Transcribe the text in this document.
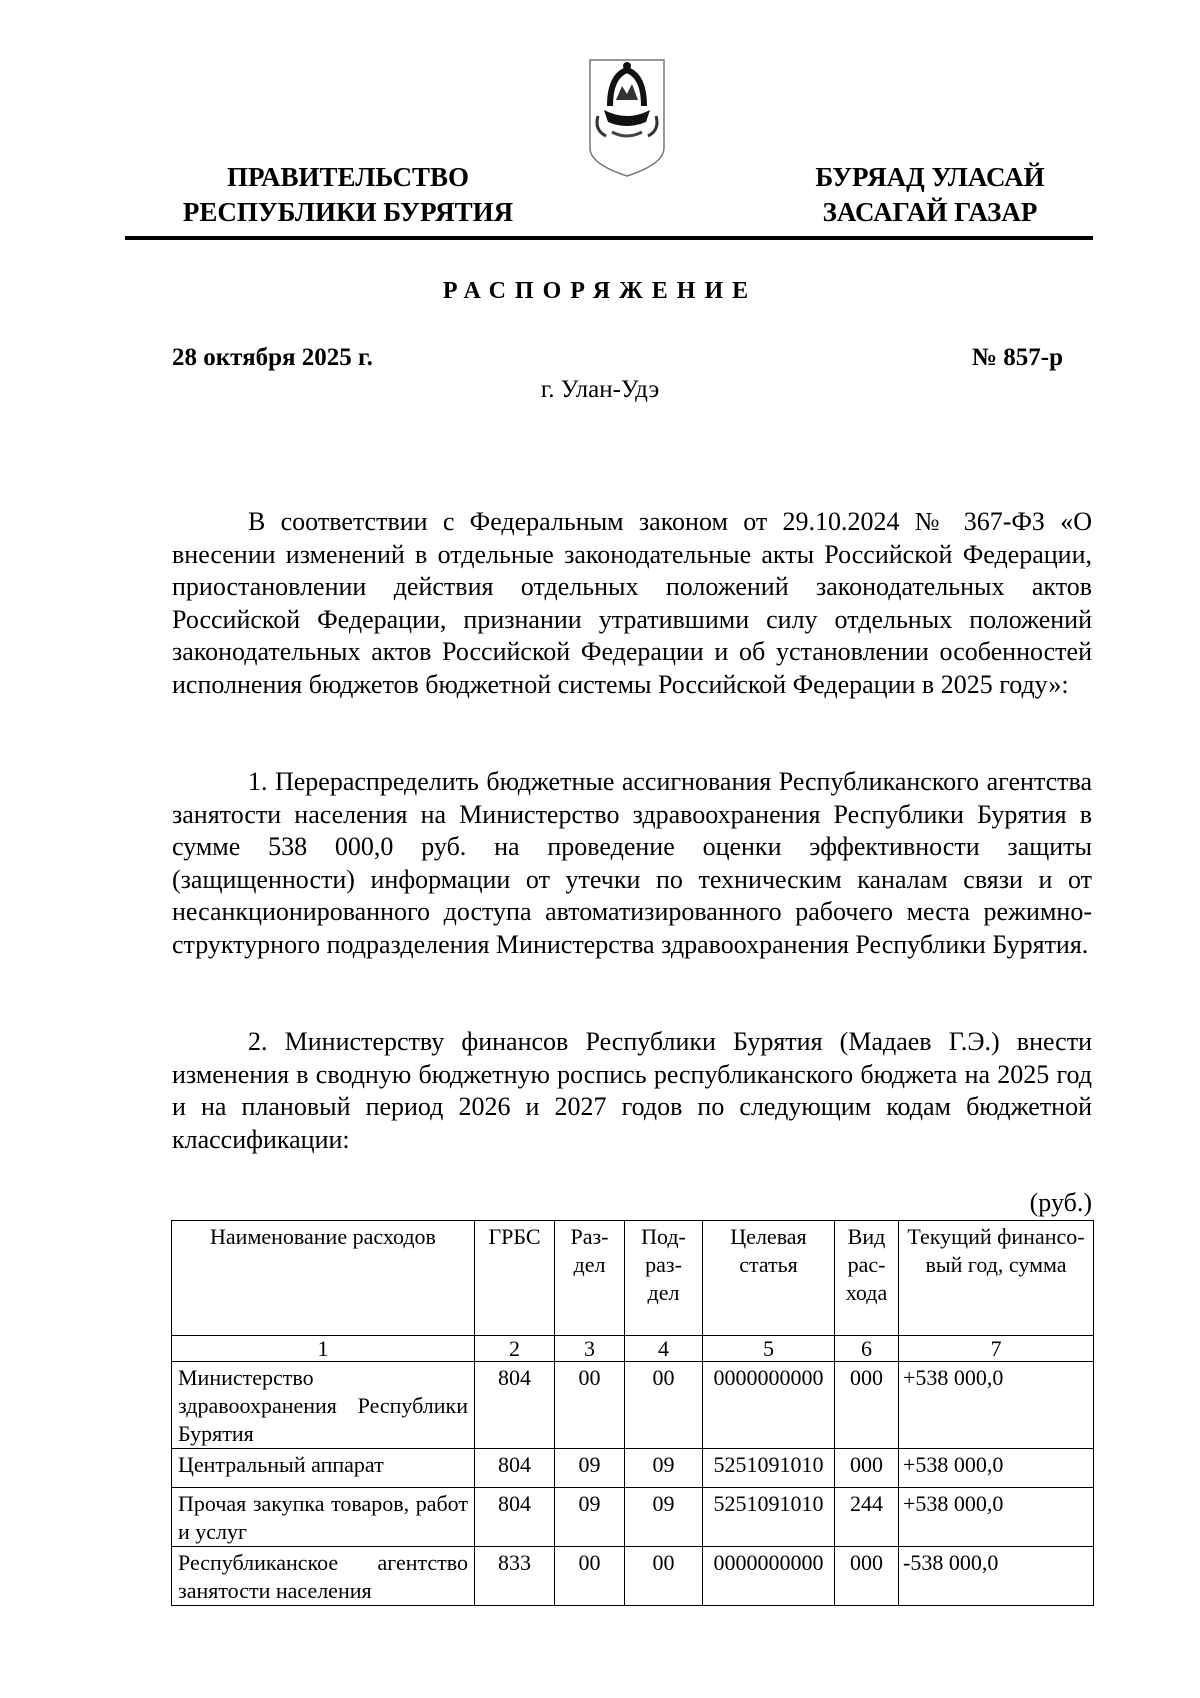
ПРАВИТЕЛЬСТВО
РЕСПУБЛИКИ БУРЯТИЯ
БУРЯАД УЛАСАЙ
ЗАСАГАЙ ГАЗАР
РАСПОРЯЖЕНИЕ
28 октября 2025 г.	№ 857-р
г. Улан-Удэ

В соответствии с Федеральным законом от 29.10.2024 № 367-ФЗ «О внесении изменений в отдельные законодательные акты Российской Федерации, приостановлении действия отдельных положений законодательных актов Российской Федерации, признании утратившими силу отдельных положений законодательных актов Российской Федерации и об установлении особенностей исполнения бюджетов бюджетной системы Российской Федерации в 2025 году»:

1. Перераспределить бюджетные ассигнования Республиканского агентства занятости населения на Министерство здравоохранения Республики Бурятия в сумме 538 000,0 руб. на проведение оценки эффективности защиты (защищенности) информации от утечки по техническим каналам связи и от несанкционированного доступа автоматизированного рабочего места режимно-структурного подразделения Министерства здравоохранения Республики Бурятия.

2. Министерству финансов Республики Бурятия (Мадаев Г.Э.) внести изменения в сводную бюджетную роспись республиканского бюджета на 2025 год и на плановый период 2026 и 2027 годов по следующим кодам бюджетной классификации:

(руб.)
Наименование расходов	ГРБС	Раз-дел	Под-раз-дел	Целевая статья	Вид рас-хода	Текущий финансо-вый год, сумма
1	2	3	4	5	6	7
Министерство здравоохранения Республики Бурятия	804	00	00	0000000000	000	+538 000,0
Центральный аппарат	804	09	09	5251091010	000	+538 000,0
Прочая закупка товаров, работ и услуг	804	09	09	5251091010	244	+538 000,0
Республиканское агентство занятости населения	833	00	00	0000000000	000	-538 000,0
